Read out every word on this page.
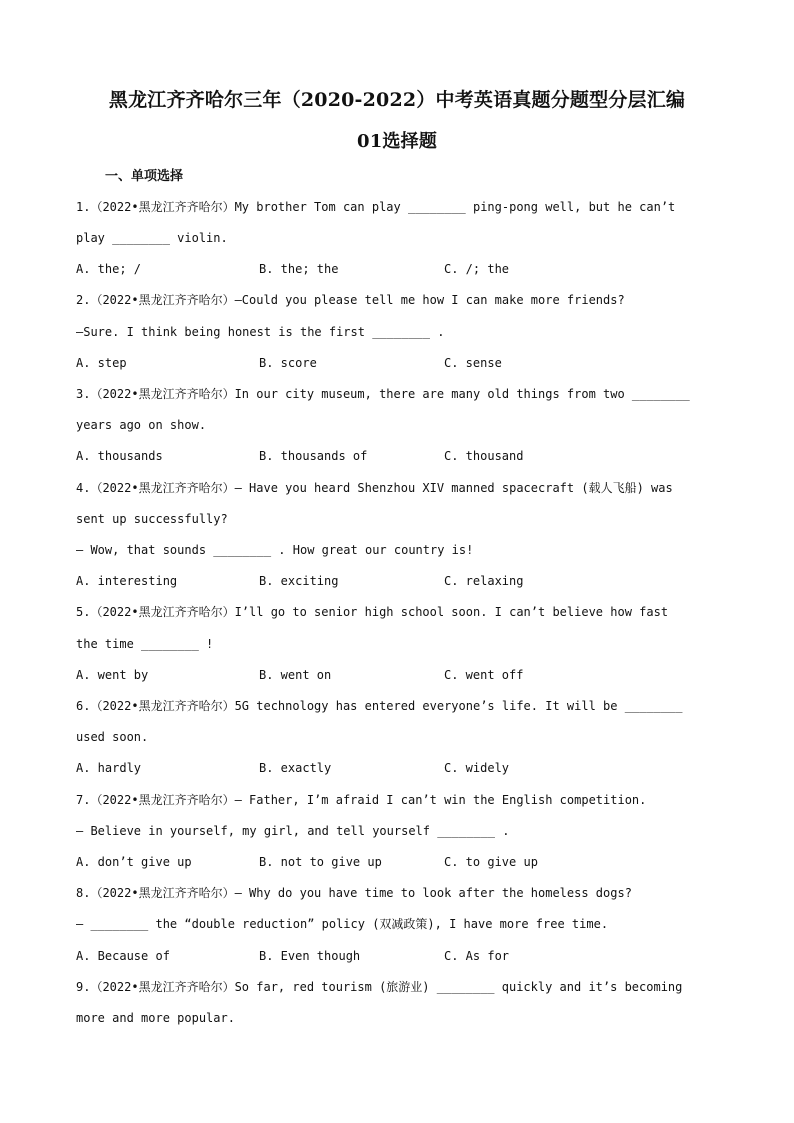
黑龙江齐齐哈尔三年（2020-2022）中考英语真题分题型分层汇编
01选择题
一、单项选择
1.（2022•黑龙江齐齐哈尔）My brother Tom can play ________ ping-pong well, but he can’t
play ________ violin.
A. the; /	B. the; the	C. /; the
2.（2022•黑龙江齐齐哈尔）—Could you please tell me how I can make more friends?
—Sure. I think being honest is the first ________ .
A. step	B. score	C. sense
3.（2022•黑龙江齐齐哈尔）In our city museum, there are many old things from two ________
years ago on show.
A. thousands	B. thousands of	C. thousand
4.（2022•黑龙江齐齐哈尔）— Have you heard Shenzhou XIV manned spacecraft (载人飞船) was
sent up successfully?
— Wow, that sounds ________ . How great our country is!
A. interesting	B. exciting	C. relaxing
5.（2022•黑龙江齐齐哈尔）I’ll go to senior high school soon. I can’t believe how fast
the time ________ !
A. went by	B. went on	C. went off
6.（2022•黑龙江齐齐哈尔）5G technology has entered everyone’s life. It will be ________
used soon.
A. hardly	B. exactly	C. widely
7.（2022•黑龙江齐齐哈尔）— Father, I’m afraid I can’t win the English competition.
— Believe in yourself, my girl, and tell yourself ________ .
A. don’t give up	B. not to give up	C. to give up
8.（2022•黑龙江齐齐哈尔）— Why do you have time to look after the homeless dogs?
— ________ the “double reduction” policy (双减政策), I have more free time.
A. Because of	B. Even though	C. As for
9.（2022•黑龙江齐齐哈尔）So far, red tourism (旅游业) ________ quickly and it’s becoming
more and more popular.
